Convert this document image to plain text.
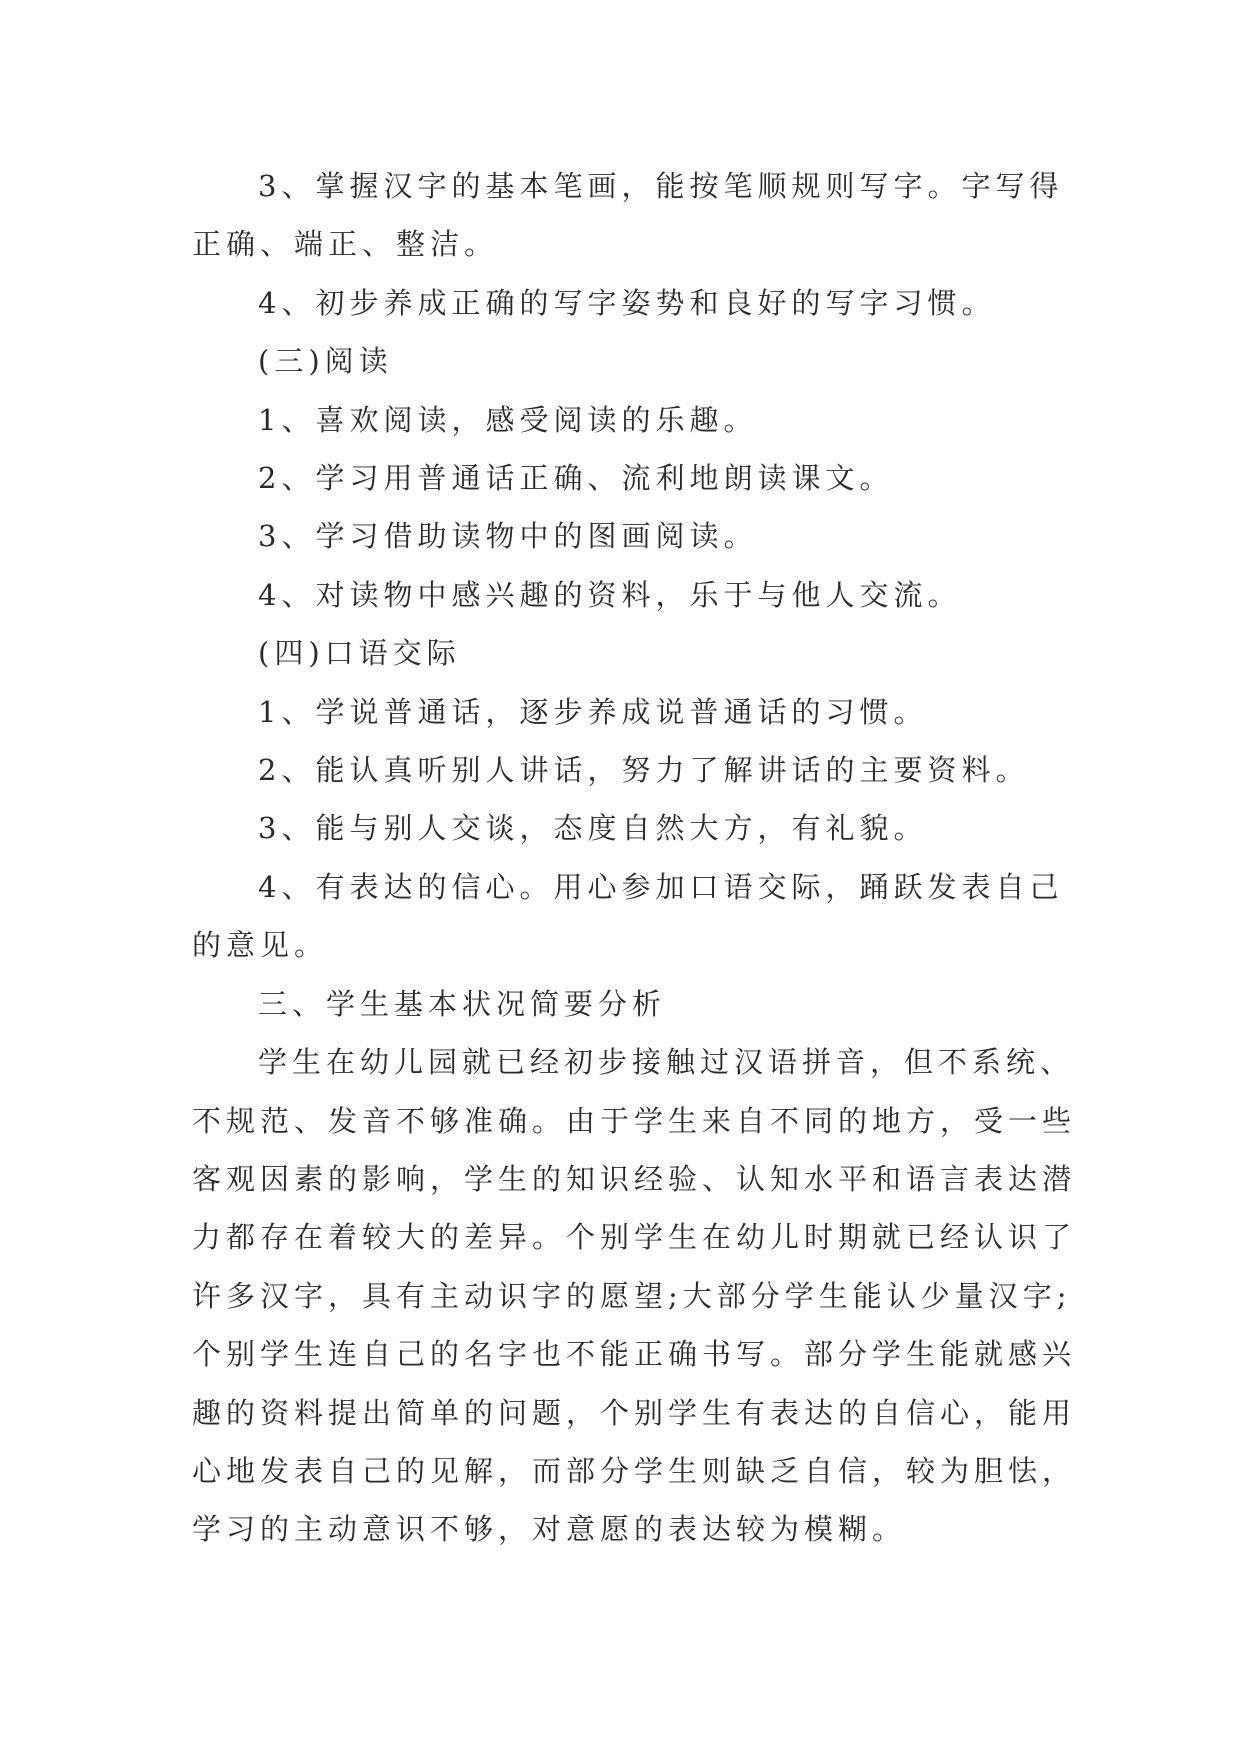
3、掌握汉字的基本笔画，能按笔顺规则写字。字写得
正确、端正、整洁。
4、初步养成正确的写字姿势和良好的写字习惯。
(三)阅读
1、喜欢阅读，感受阅读的乐趣。
2、学习用普通话正确、流利地朗读课文。
3、学习借助读物中的图画阅读。
4、对读物中感兴趣的资料，乐于与他人交流。
(四)口语交际
1、学说普通话，逐步养成说普通话的习惯。
2、能认真听别人讲话，努力了解讲话的主要资料。
3、能与别人交谈，态度自然大方，有礼貌。
4、有表达的信心。用心参加口语交际，踊跃发表自己
的意见。
三、学生基本状况简要分析
学生在幼儿园就已经初步接触过汉语拼音，但不系统、
不规范、发音不够准确。由于学生来自不同的地方，受一些
客观因素的影响，学生的知识经验、认知水平和语言表达潜
力都存在着较大的差异。个别学生在幼儿时期就已经认识了
许多汉字，具有主动识字的愿望;大部分学生能认少量汉字;
个别学生连自己的名字也不能正确书写。部分学生能就感兴
趣的资料提出简单的问题，个别学生有表达的自信心，能用
心地发表自己的见解，而部分学生则缺乏自信，较为胆怯，
学习的主动意识不够，对意愿的表达较为模糊。
